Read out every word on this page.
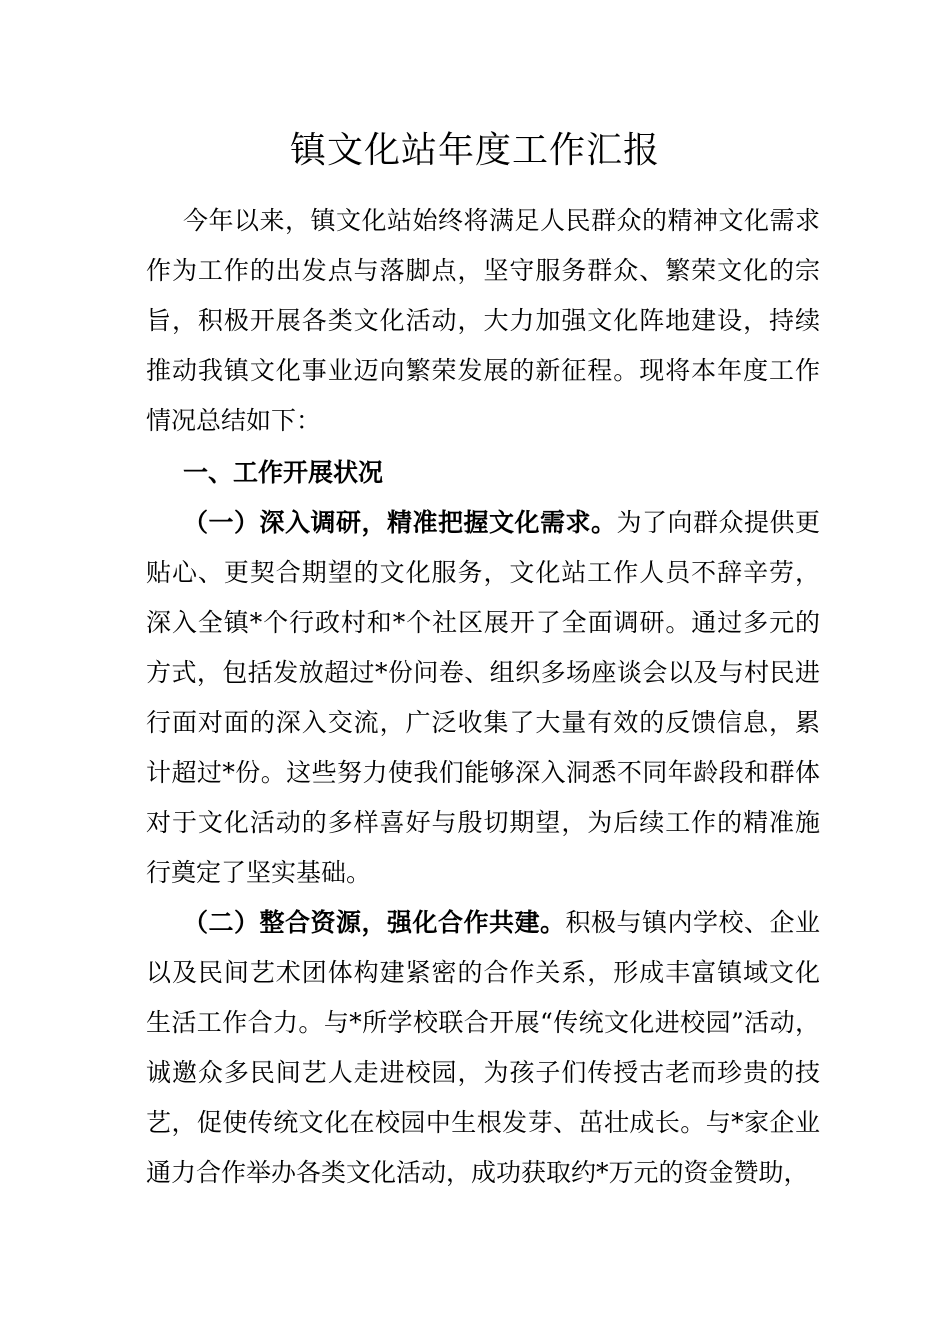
镇文化站年度工作汇报

今年以来，镇文化站始终将满足人民群众的精神文化需求作为工作的出发点与落脚点，坚守服务群众、繁荣文化的宗旨，积极开展各类文化活动，大力加强文化阵地建设，持续推动我镇文化事业迈向繁荣发展的新征程。现将本年度工作情况总结如下：

一、工作开展状况

（一）深入调研，精准把握文化需求。为了向群众提供更贴心、更契合期望的文化服务，文化站工作人员不辞辛劳，深入全镇*个行政村和*个社区展开了全面调研。通过多元的方式，包括发放超过*份问卷、组织多场座谈会以及与村民进行面对面的深入交流，广泛收集了大量有效的反馈信息，累计超过*份。这些努力使我们能够深入洞悉不同年龄段和群体对于文化活动的多样喜好与殷切期望，为后续工作的精准施行奠定了坚实基础。

（二）整合资源，强化合作共建。积极与镇内学校、企业以及民间艺术团体构建紧密的合作关系，形成丰富镇域文化生活工作合力。与*所学校联合开展“传统文化进校园”活动，诚邀众多民间艺人走进校园，为孩子们传授古老而珍贵的技艺，促使传统文化在校园中生根发芽、茁壮成长。与*家企业通力合作举办各类文化活动，成功获取约*万元的资金赞助，
